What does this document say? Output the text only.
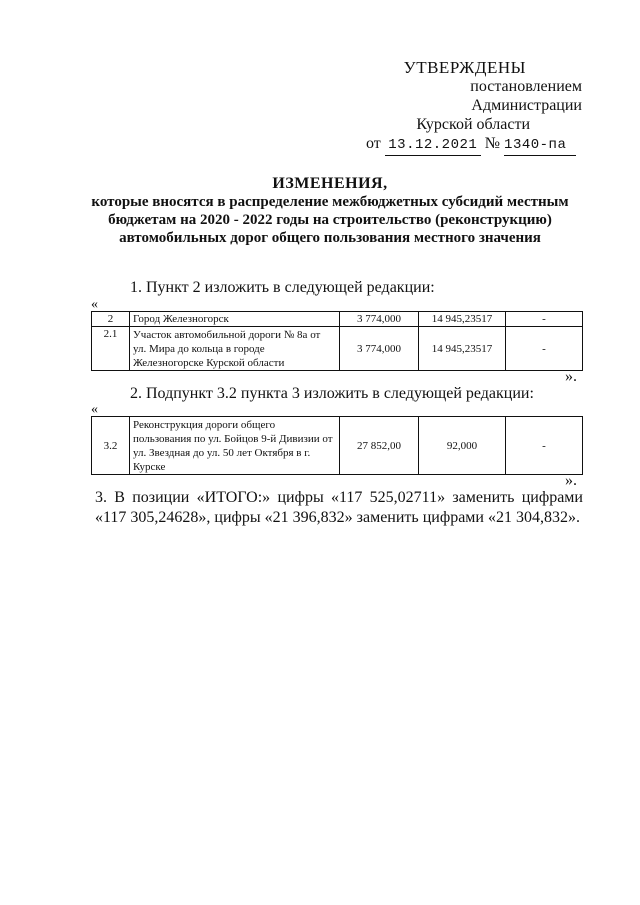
УТВЕРЖДЕНЫ
постановлением Администрации
Курской области
от 13.12.2021 № 1340-па
ИЗМЕНЕНИЯ,
которые вносятся в распределение межбюджетных субсидий местным
бюджетам на 2020 - 2022 годы на строительство (реконструкцию)
автомобильных дорог общего пользования местного значения
1. Пункт 2 изложить в следующей редакции:
«
2	Город Железногорск	3 774,000	14 945,23517	-
2.1	Участок автомобильной дороги № 8а от ул. Мира до кольца в городе Железногорске Курской области	3 774,000	14 945,23517	-
».
2. Подпункт 3.2 пункта 3 изложить в следующей редакции:
«
3.2	Реконструкция дороги общего пользования по ул. Бойцов 9-й Дивизии от ул. Звездная до ул. 50 лет Октября в г. Курске	27 852,00	92,000	-
».
3. В позиции «ИТОГО:» цифры «117 525,02711» заменить цифрами «117 305,24628», цифры «21 396,832» заменить цифрами «21 304,832».
